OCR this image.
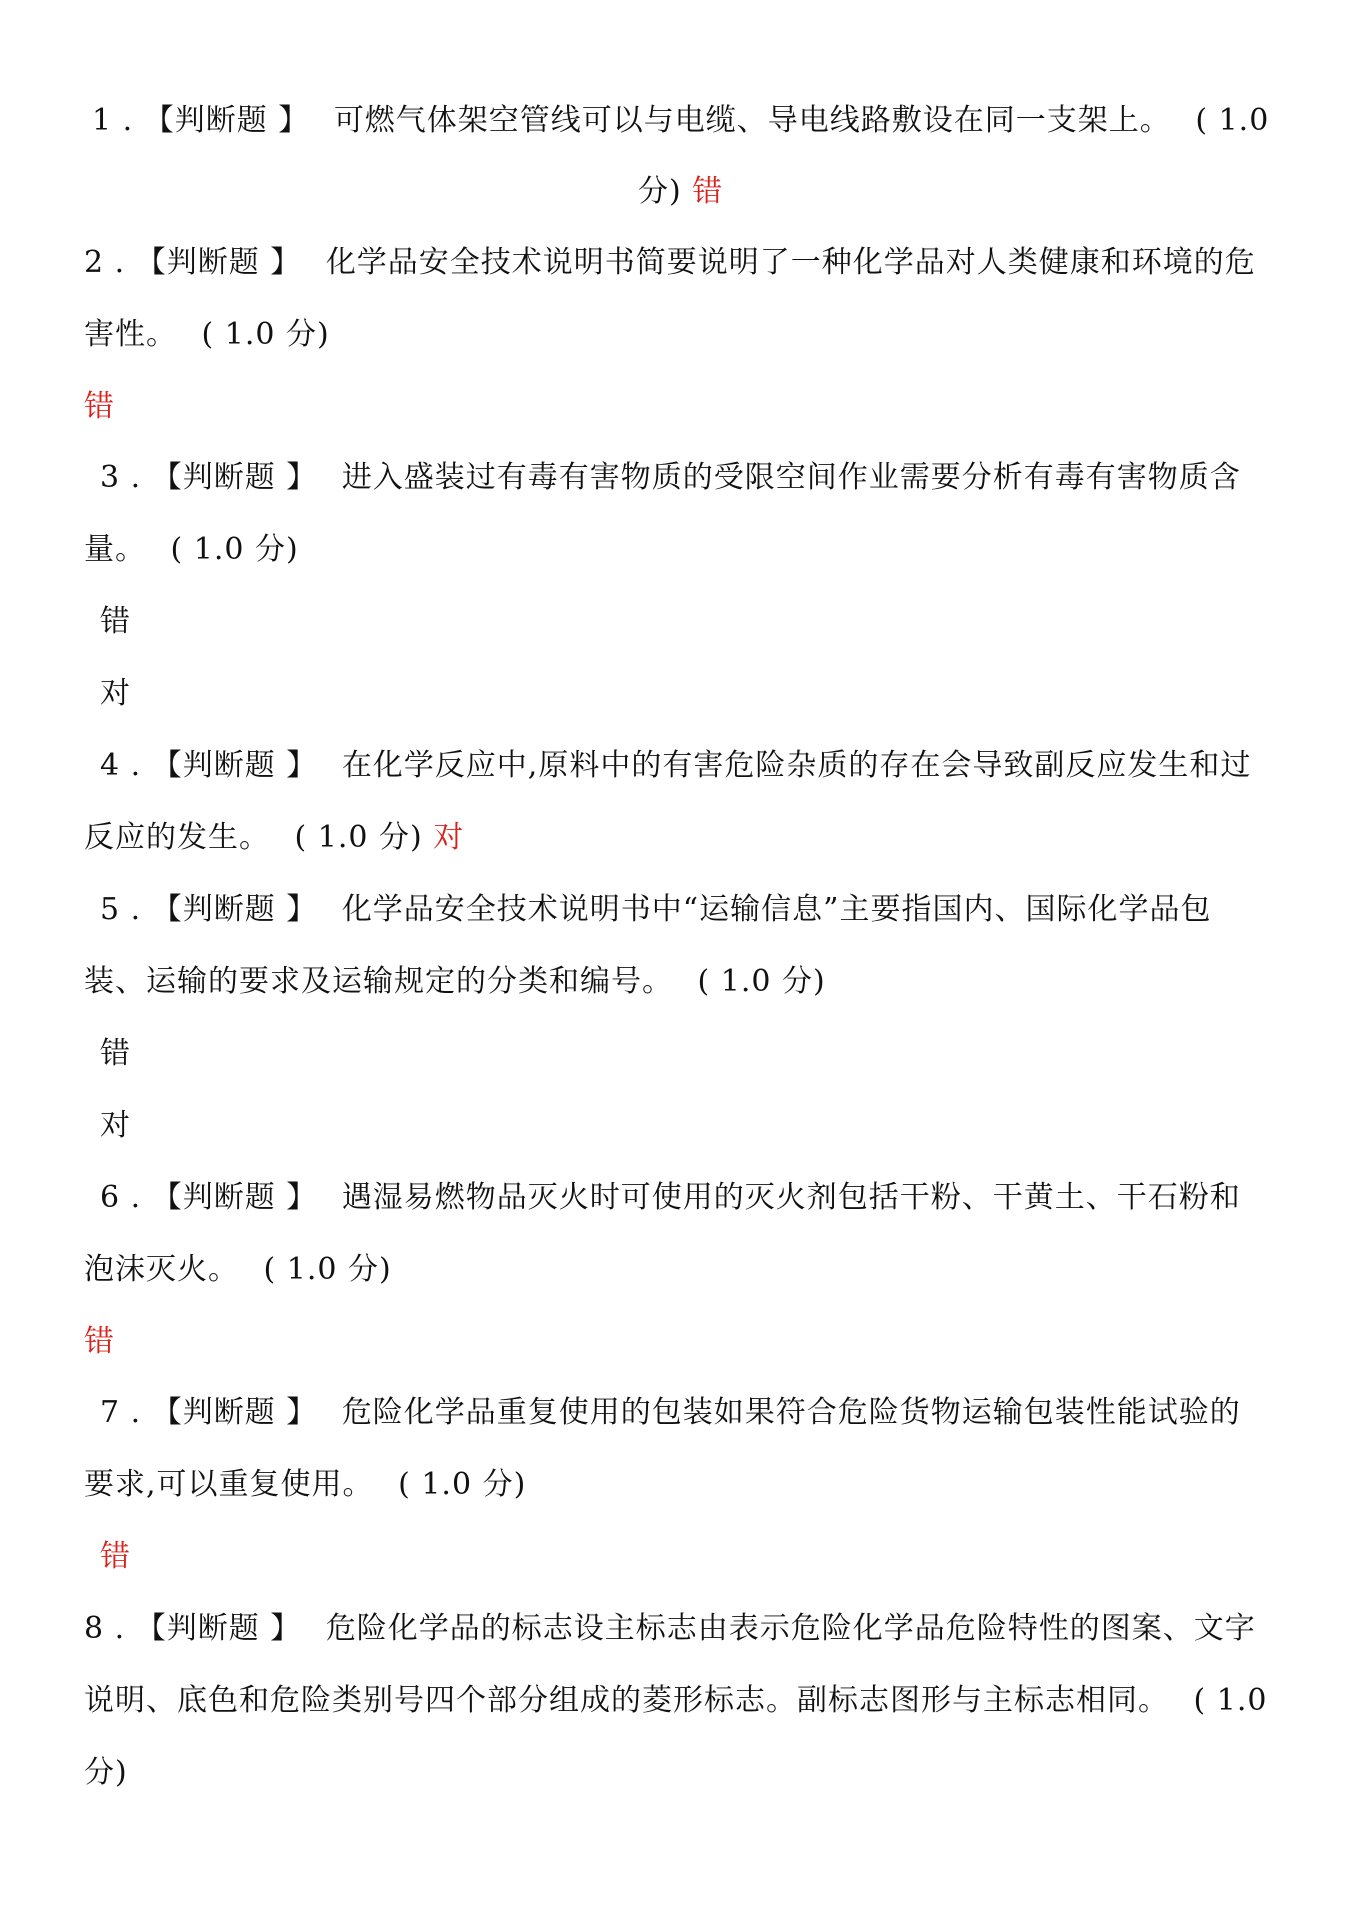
1 . 【判断题 】 可燃气体架空管线可以与电缆、导电线路敷设在同一支架上。 ( 1.0
分) 错
2 . 【判断题 】 化学品安全技术说明书简要说明了一种化学品对人类健康和环境的危
害性。 ( 1.0 分)
错
3 . 【判断题 】 进入盛装过有毒有害物质的受限空间作业需要分析有毒有害物质含
量。 ( 1.0 分)
错
对
4 . 【判断题 】 在化学反应中,原料中的有害危险杂质的存在会导致副反应发生和过
反应的发生。 ( 1.0 分) 对
5 . 【判断题 】 化学品安全技术说明书中“运输信息”主要指国内、国际化学品包
装、运输的要求及运输规定的分类和编号。 ( 1.0 分)
错
对
6 . 【判断题 】 遇湿易燃物品灭火时可使用的灭火剂包括干粉、干黄土、干石粉和
泡沫灭火。 ( 1.0 分)
错
7 . 【判断题 】 危险化学品重复使用的包装如果符合危险货物运输包装性能试验的
要求,可以重复使用。 ( 1.0 分)
错
8 . 【判断题 】 危险化学品的标志设主标志由表示危险化学品危险特性的图案、文字
说明、底色和危险类别号四个部分组成的菱形标志。副标志图形与主标志相同。 ( 1.0
分)
